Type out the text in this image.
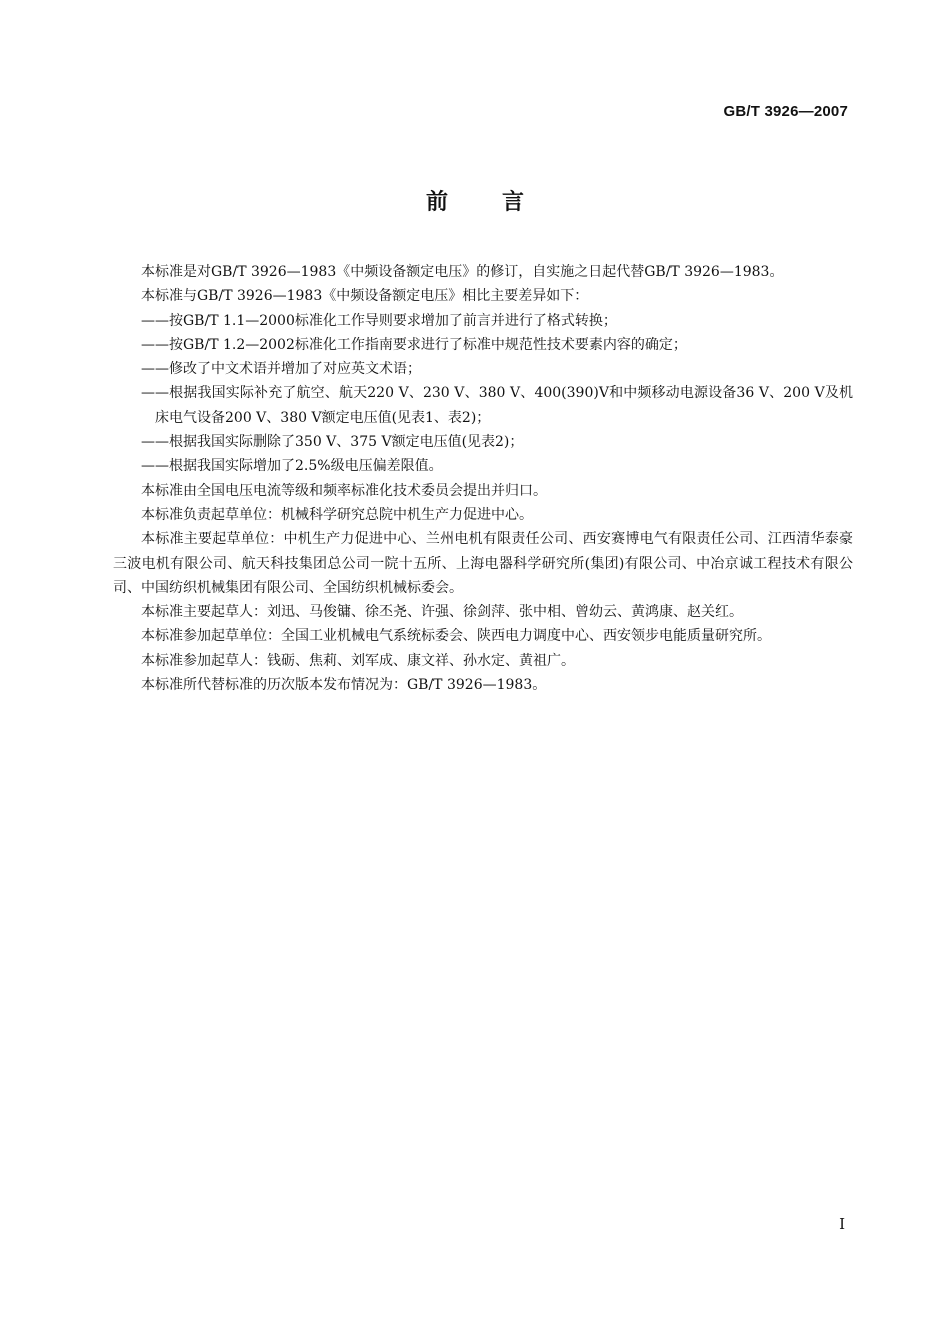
GB/T 3926—2007
前 言

本标准是对GB/T 3926—1983《中频设备额定电压》的修订，自实施之日起代替GB/T 3926—1983。

本标准与GB/T 3926—1983《中频设备额定电压》相比主要差异如下：

——按GB/T 1.1—2000标准化工作导则要求增加了前言并进行了格式转换；

——按GB/T 1.2—2002标准化工作指南要求进行了标准中规范性技术要素内容的确定；

——修改了中文术语并增加了对应英文术语；

——根据我国实际补充了航空、航天220 V、230 V、380 V、400(390)V和中频移动电源设备36 V、200 V及机床电气设备200 V、380 V额定电压值(见表1、表2)；

——根据我国实际删除了350 V、375 V额定电压值(见表2)；

——根据我国实际增加了2.5%级电压偏差限值。

本标准由全国电压电流等级和频率标准化技术委员会提出并归口。

本标准负责起草单位：机械科学研究总院中机生产力促进中心。

本标准主要起草单位：中机生产力促进中心、兰州电机有限责任公司、西安赛博电气有限责任公司、江西清华泰豪三波电机有限公司、航天科技集团总公司一院十五所、上海电器科学研究所(集团)有限公司、中冶京诚工程技术有限公司、中国纺织机械集团有限公司、全国纺织机械标委会。

本标准主要起草人：刘迅、马俊镛、徐丕尧、许强、徐剑萍、张中相、曾幼云、黄鸿康、赵关红。

本标准参加起草单位：全国工业机械电气系统标委会、陕西电力调度中心、西安领步电能质量研究所。

本标准参加起草人：钱砺、焦莉、刘军成、康文祥、孙水定、黄祖广。

本标准所代替标准的历次版本发布情况为：GB/T 3926—1983。

I
